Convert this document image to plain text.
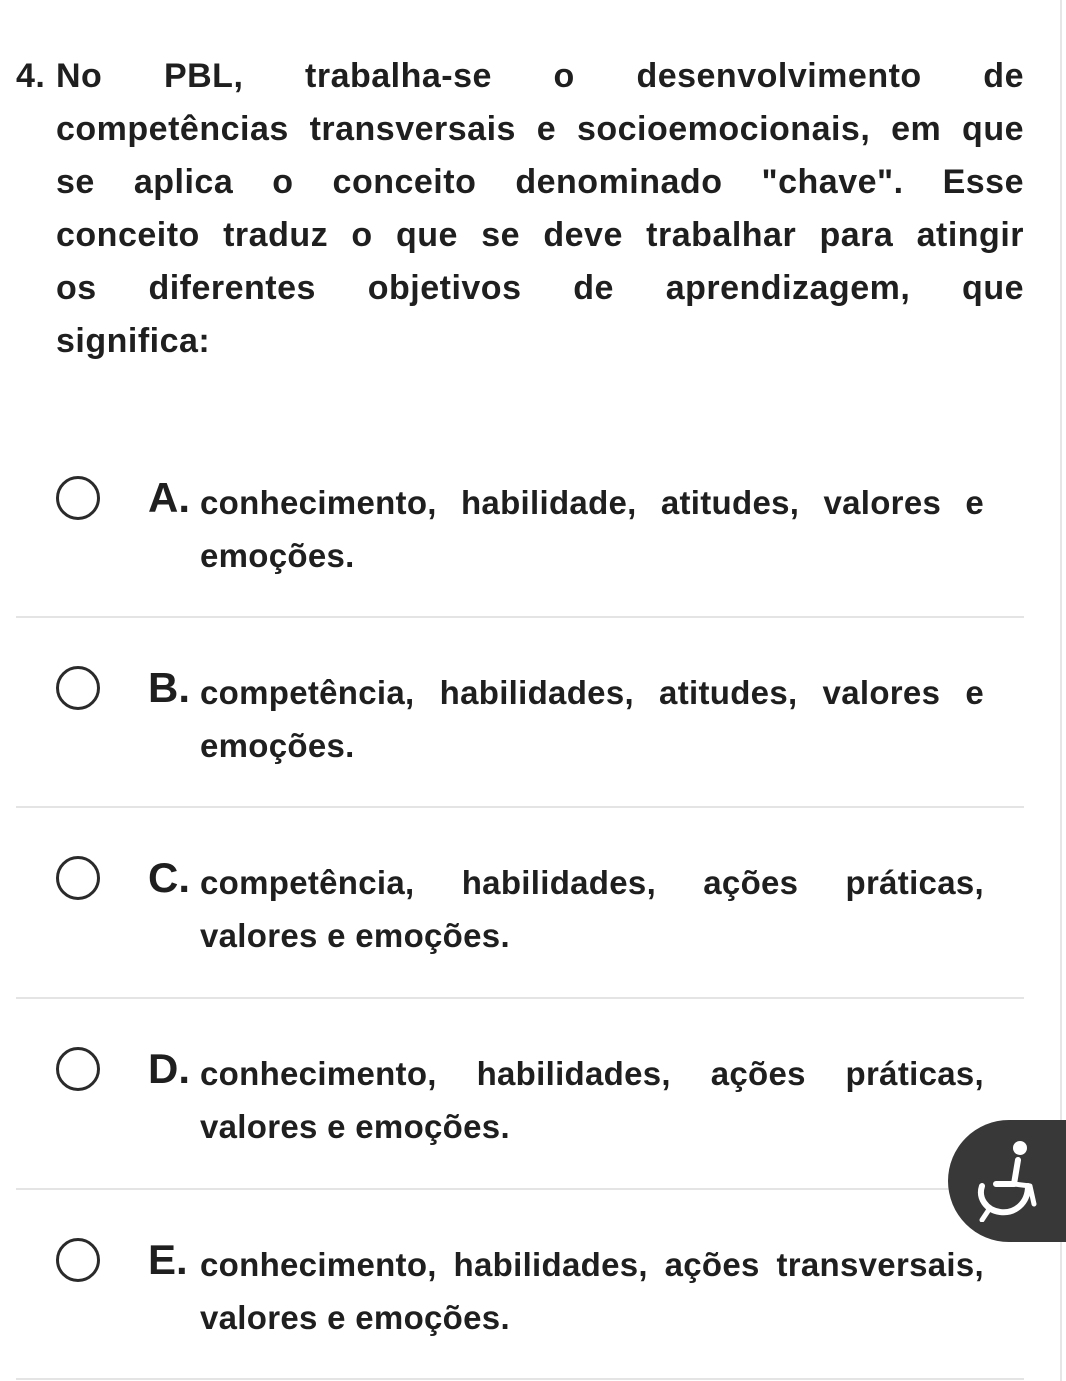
4. No PBL, trabalha-se o desenvolvimento de
competências transversais e socioemocionais, em que
se aplica o conceito denominado "chave". Esse
conceito traduz o que se deve trabalhar para atingir
os diferentes objetivos de aprendizagem, que
significa:
A. conhecimento, habilidade, atitudes, valores e
emoções.
B. competência, habilidades, atitudes, valores e
emoções.
C. competência, habilidades, ações práticas,
valores e emoções.
D. conhecimento, habilidades, ações práticas,
valores e emoções.
E. conhecimento, habilidades, ações transversais,
valores e emoções.
